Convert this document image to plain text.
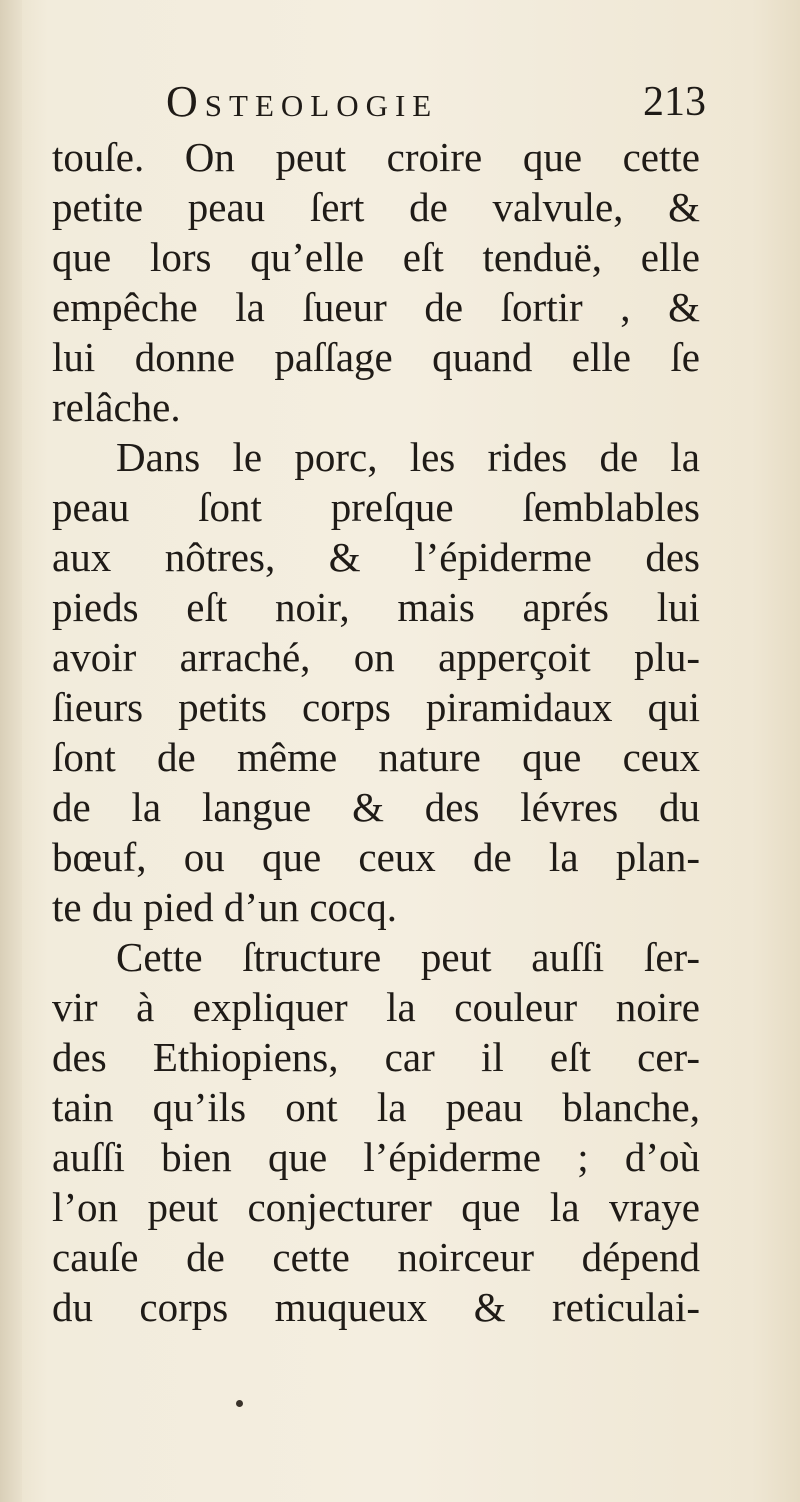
Osteologie	213
touſe. On peut croire que cette
petite peau ſert de valvule, &
que lors qu’elle eſt tenduë, elle
empêche la ſueur de ſortir , &
lui donne paſſage quand elle ſe
relâche.
Dans le porc, les rides de la
peau ſont preſque ſemblables
aux nôtres, & l’épiderme des
pieds eſt noir, mais aprés lui
avoir arraché, on apperçoit plu-
ſieurs petits corps piramidaux qui
ſont de même nature que ceux
de la langue & des lévres du
bœuf, ou que ceux de la plan-
te du pied d’un cocq.
Cette ſtructure peut auſſi ſer-
vir à expliquer la couleur noire
des Ethiopiens, car il eſt cer-
tain qu’ils ont la peau blanche,
auſſi bien que l’épiderme ; d’où
l’on peut conjecturer que la vraye
cauſe de cette noirceur dépend
du corps muqueux & reticulai-
